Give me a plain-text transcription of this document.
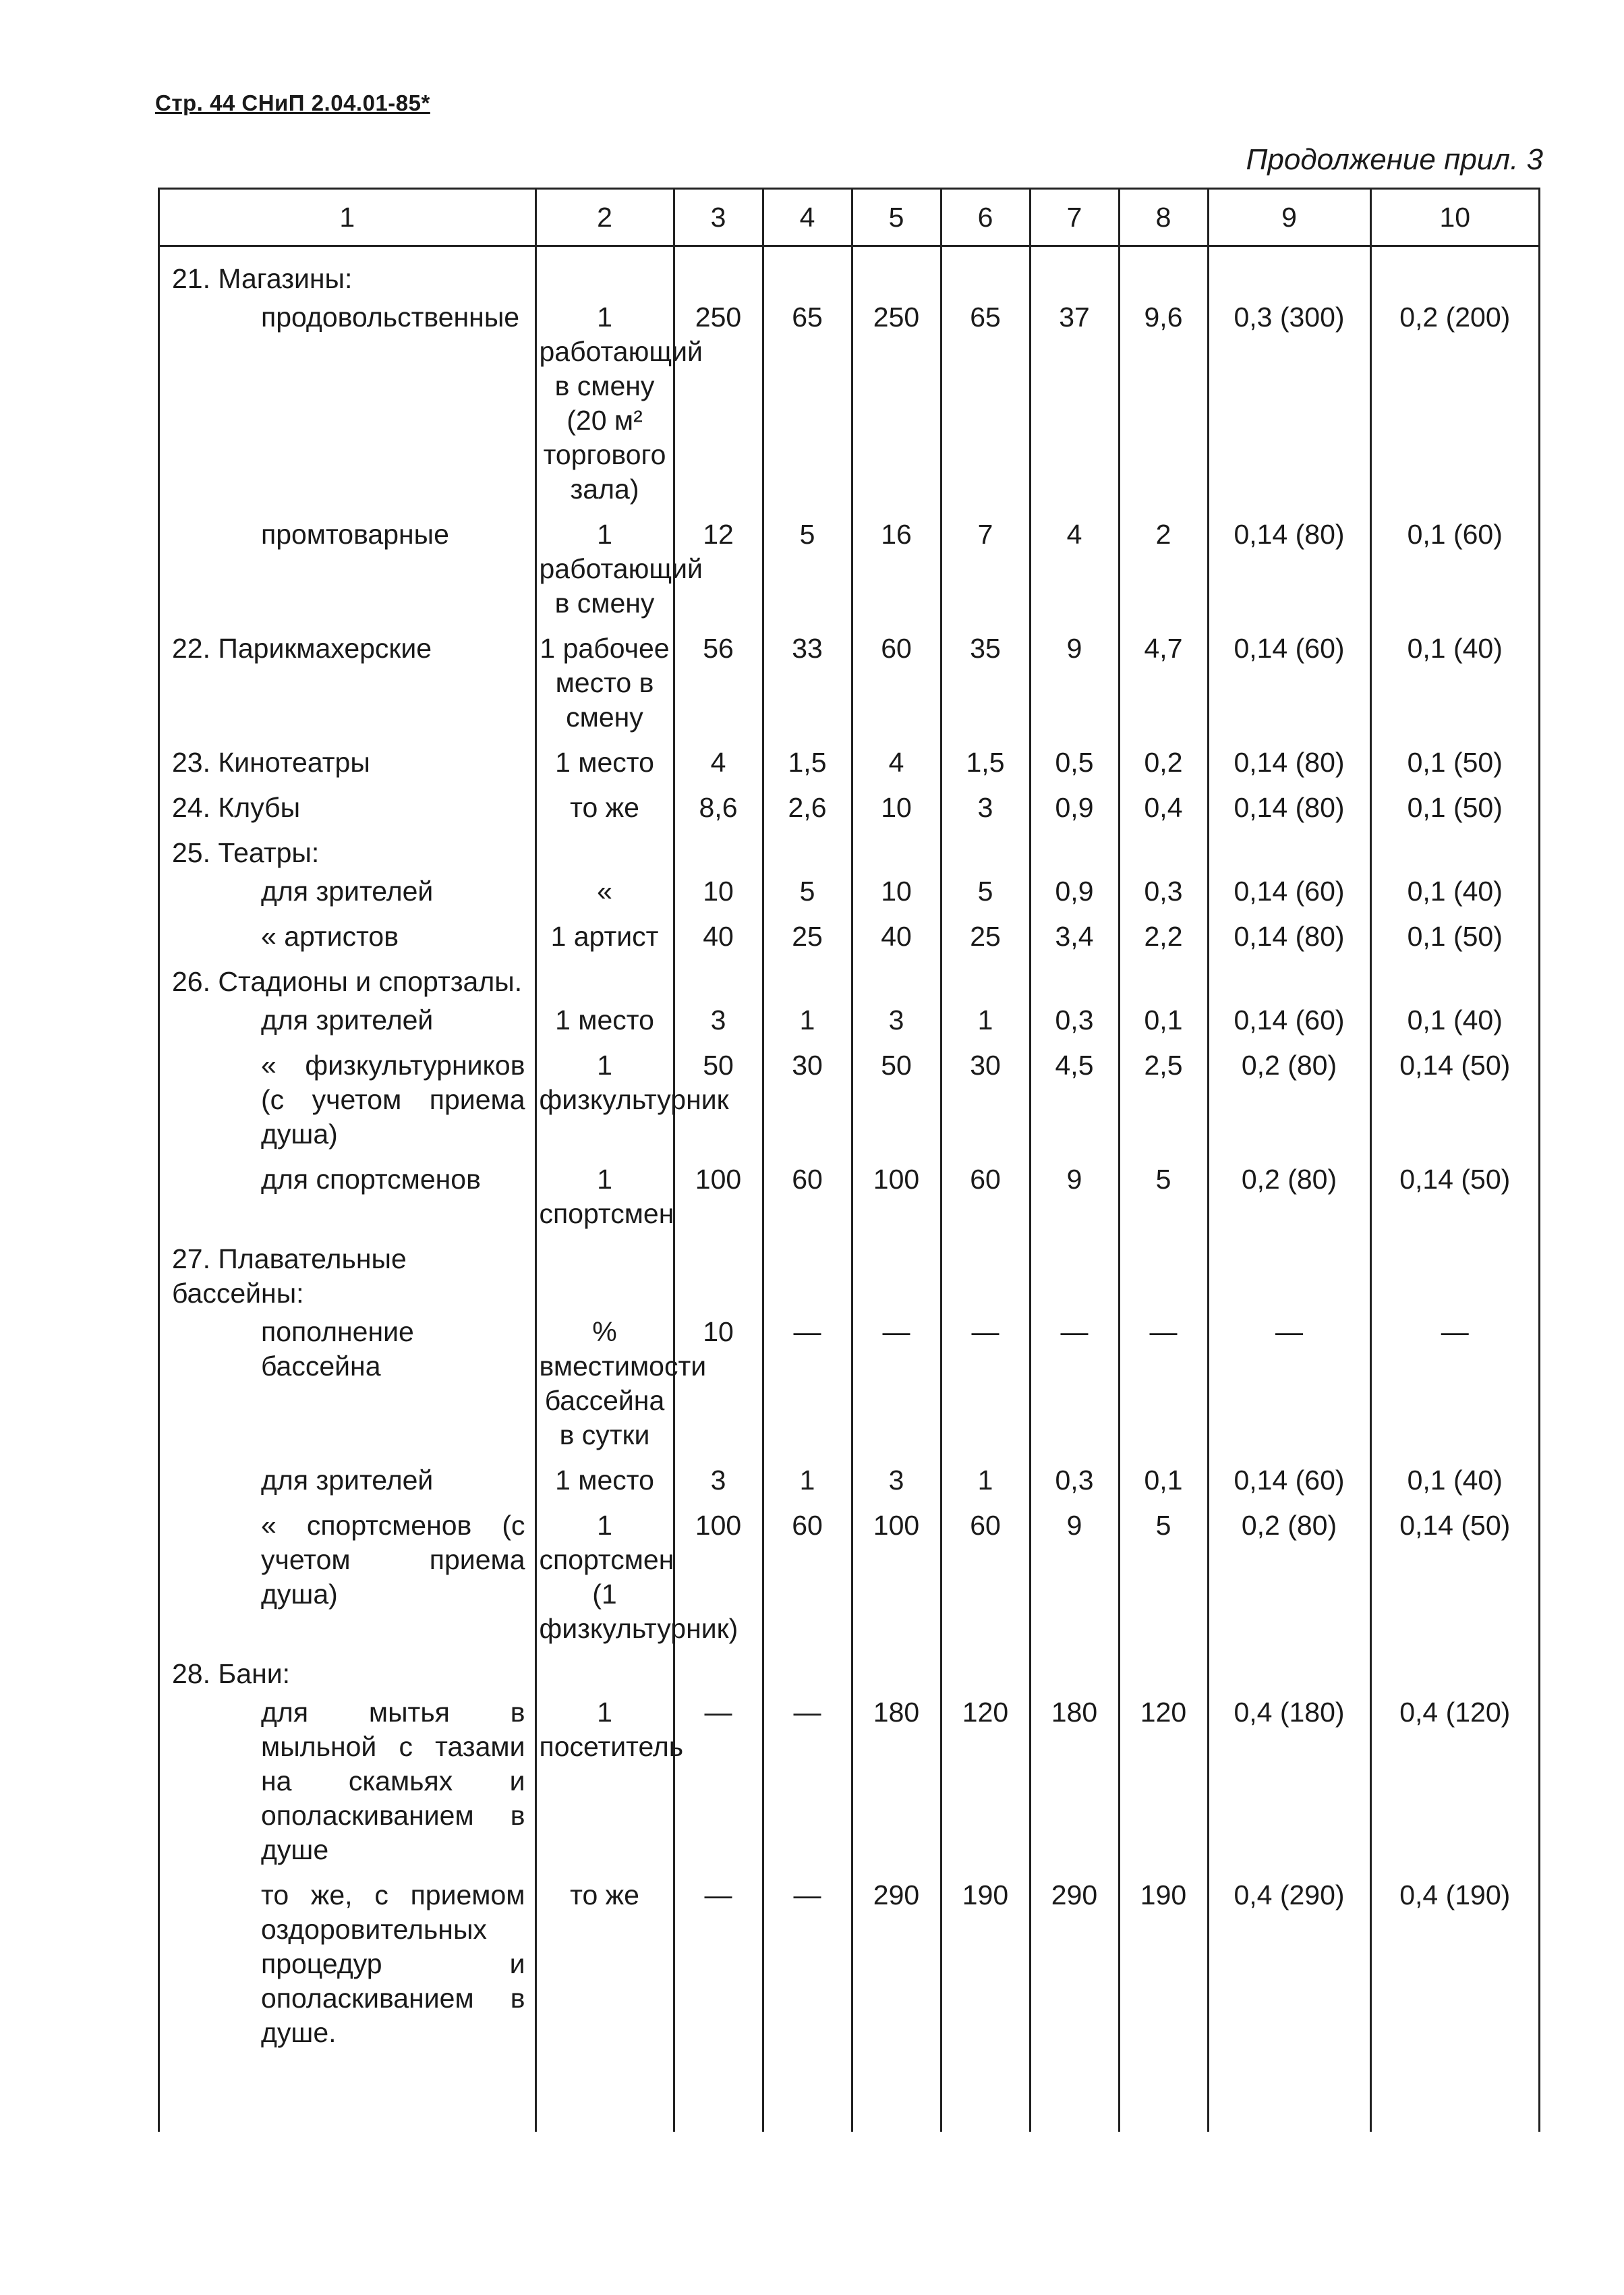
Стр. 44 СНиП 2.04.01-85*
Продолжение прил. 3
1	2	3	4	5	6	7	8	9	10
21. Магазины:									
продовольственные	1 работающий в смену (20 м² торгового зала)	250	65	250	65	37	9,6	0,3 (300)	0,2 (200)
промтоварные	1 работающий в смену	12	5	16	7	4	2	0,14 (80)	0,1 (60)
22. Парикмахерские	1 рабочее место в смену	56	33	60	35	9	4,7	0,14 (60)	0,1 (40)
23. Кинотеатры	1 место	4	1,5	4	1,5	0,5	0,2	0,14 (80)	0,1 (50)
24. Клубы	то же	8,6	2,6	10	3	0,9	0,4	0,14 (80)	0,1 (50)
25. Театры:									
для зрителей	«	10	5	10	5	0,9	0,3	0,14 (60)	0,1 (40)
« артистов	1 артист	40	25	40	25	3,4	2,2	0,14 (80)	0,1 (50)
26. Стадионы и спортзалы.									
для зрителей	1 место	3	1	3	1	0,3	0,1	0,14 (60)	0,1 (40)
« физкультурников (с учетом приема душа)	1 физкультурник	50	30	50	30	4,5	2,5	0,2 (80)	0,14 (50)
для спортсменов	1 спортсмен	100	60	100	60	9	5	0,2 (80)	0,14 (50)
27. Плавательные бассейны:									
пополнение бассейна	% вместимости бассейна в сутки	10	—	—	—	—	—	—	—
для зрителей	1 место	3	1	3	1	0,3	0,1	0,14 (60)	0,1 (40)
« спортсменов (с учетом приема душа)	1 спортсмен (1 физкультурник)	100	60	100	60	9	5	0,2 (80)	0,14 (50)
28. Бани:									
для мытья в мыльной с тазами на скамьях и ополаскиванием в душе	1 посетитель	—	—	180	120	180	120	0,4 (180)	0,4 (120)
то же, с приемом оздоровительных процедур и ополаскиванием в душе.	то же	—	—	290	190	290	190	0,4 (290)	0,4 (190)
